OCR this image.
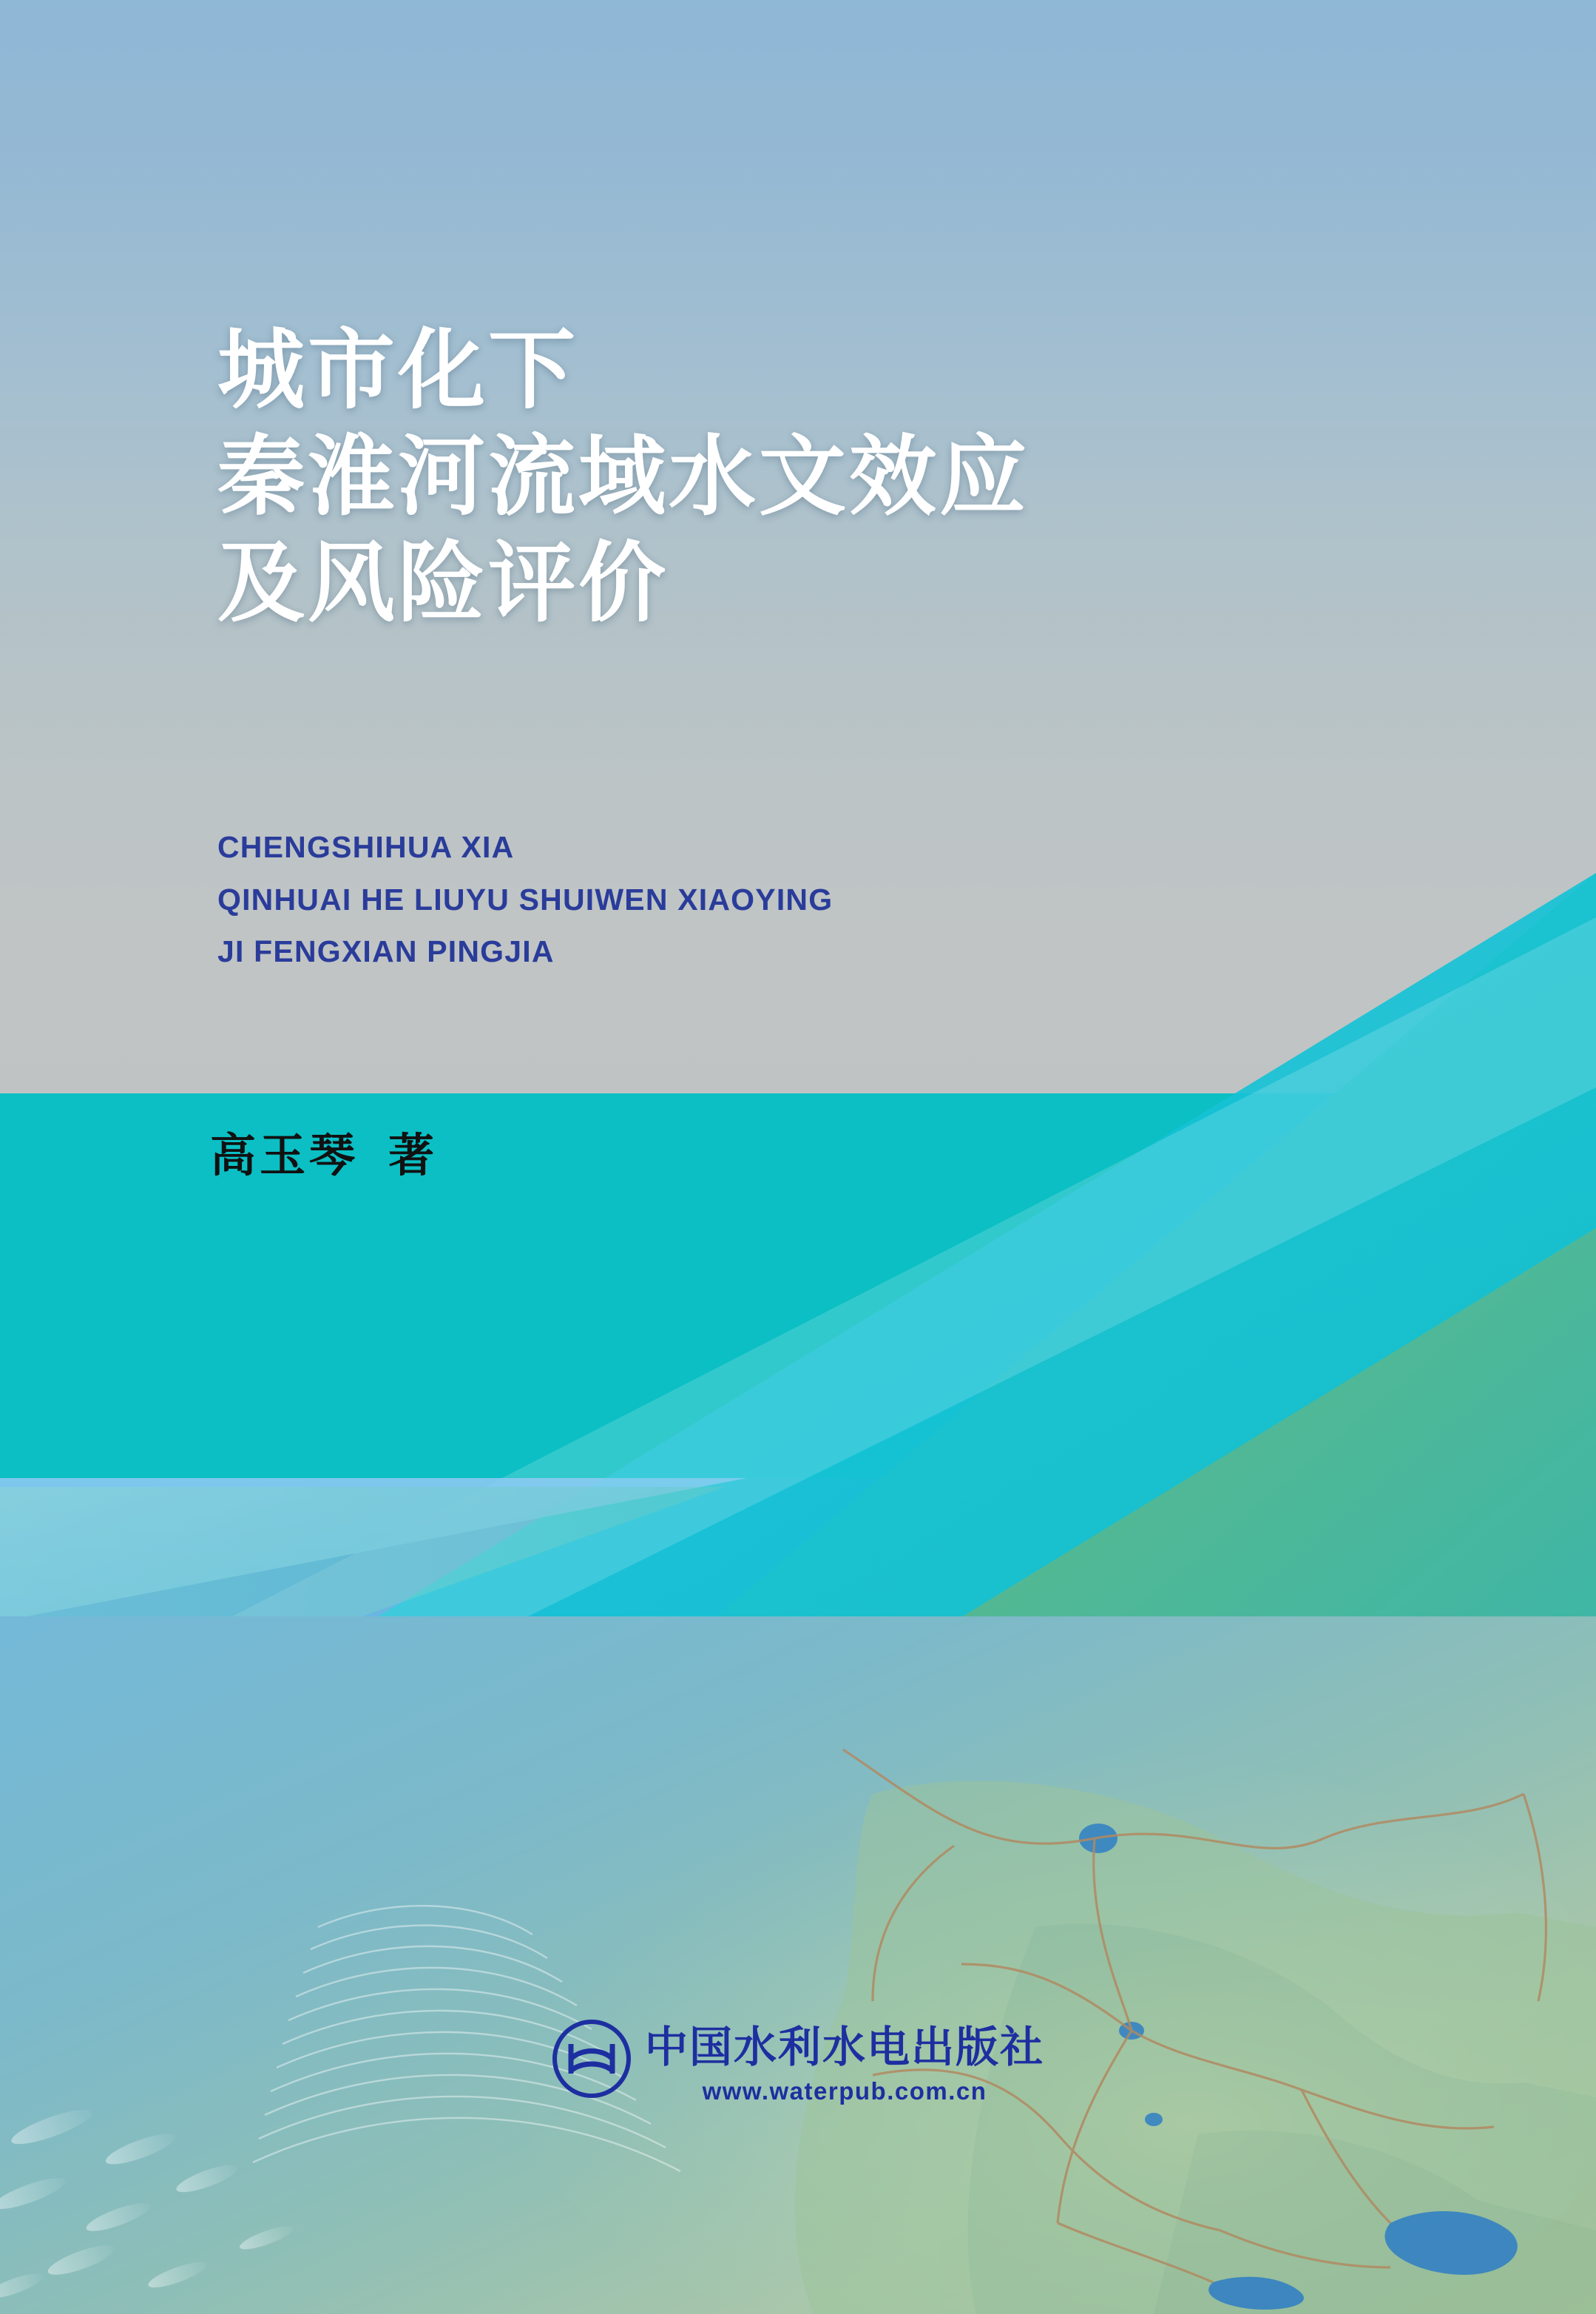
城市化下
秦淮河流域水文效应
及风险评价
CHENGSHIHUA XIA
QINHUAI HE LIUYU SHUIWEN XIAOYING
JI FENGXIAN PINGJIA
高玉琴 著
中国水利水电出版社
www.waterpub.com.cn
